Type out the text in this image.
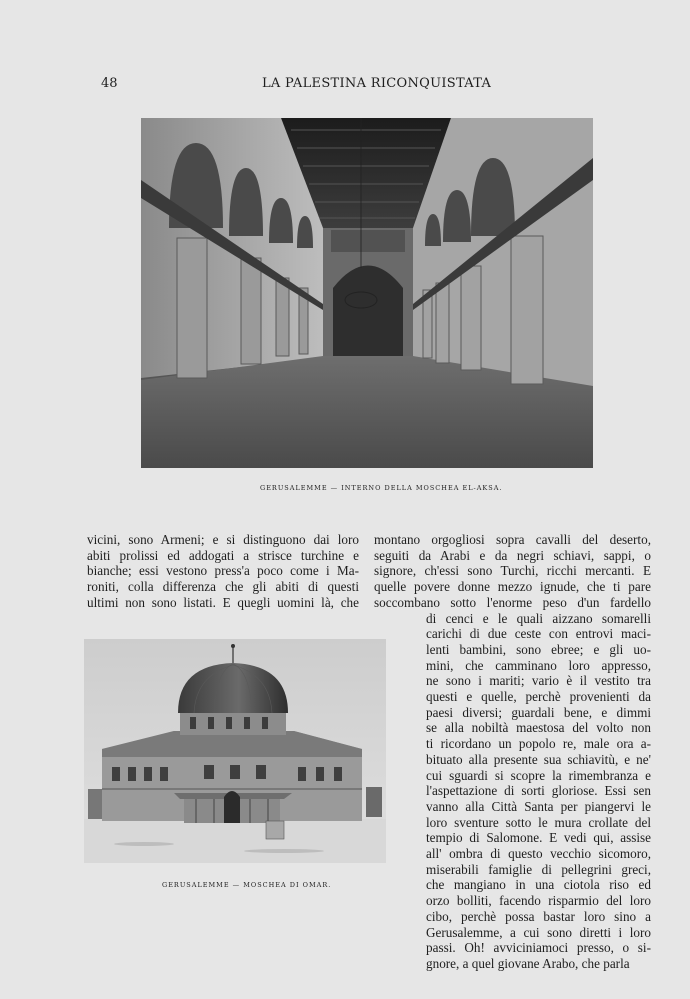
48	LA PALESTINA RICONQUISTATA
GERUSALEMME — INTERNO DELLA MOSCHEA EL-AKSA.
vicini, sono Armeni; e si distinguono dai loro
abiti prolissi ed addogati a strisce turchine e
bianche; essi vestono press'a poco come i Ma-
roniti, colla differenza che gli abiti di questi
ultimi non sono listati. E quegli uomini là, che
GERUSALEMME — MOSCHEA DI OMAR.
montano orgogliosi sopra cavalli del deserto,
seguiti da Arabi e da negri schiavi, sappi, o
signore, ch'essi sono Turchi, ricchi mercanti. E
quelle povere donne mezzo ignude, che ti pare
soccombano sotto l'enorme peso d'un fardello
di cenci e le quali aizzano somarelli
carichi di due ceste con entrovi maci-
lenti bambini, sono ebree; e gli uo-
mini, che camminano loro appresso,
ne sono i mariti; vario è il vestito tra
questi e quelle, perchè provenienti da
paesi diversi; guardali bene, e dimmi
se alla nobiltà maestosa del volto non
ti ricordano un popolo re, male ora a-
bituato alla presente sua schiavitù, e ne'
cui sguardi si scopre la rimembranza e
l'aspettazione di sorti gloriose. Essi sen
vanno alla Città Santa per piangervi le
loro sventure sotto le mura crollate del
tempio di Salomone. E vedi qui, assise
all' ombra di questo vecchio sicomoro,
miserabili famiglie di pellegrini greci,
che mangiano in una ciotola riso ed
orzo bolliti, facendo risparmio del loro
cibo, perchè possa bastar loro sino a
Gerusalemme, a cui sono diretti i loro
passi. Oh! avviciniamoci presso, o si-
gnore, a quel giovane Arabo, che parla
